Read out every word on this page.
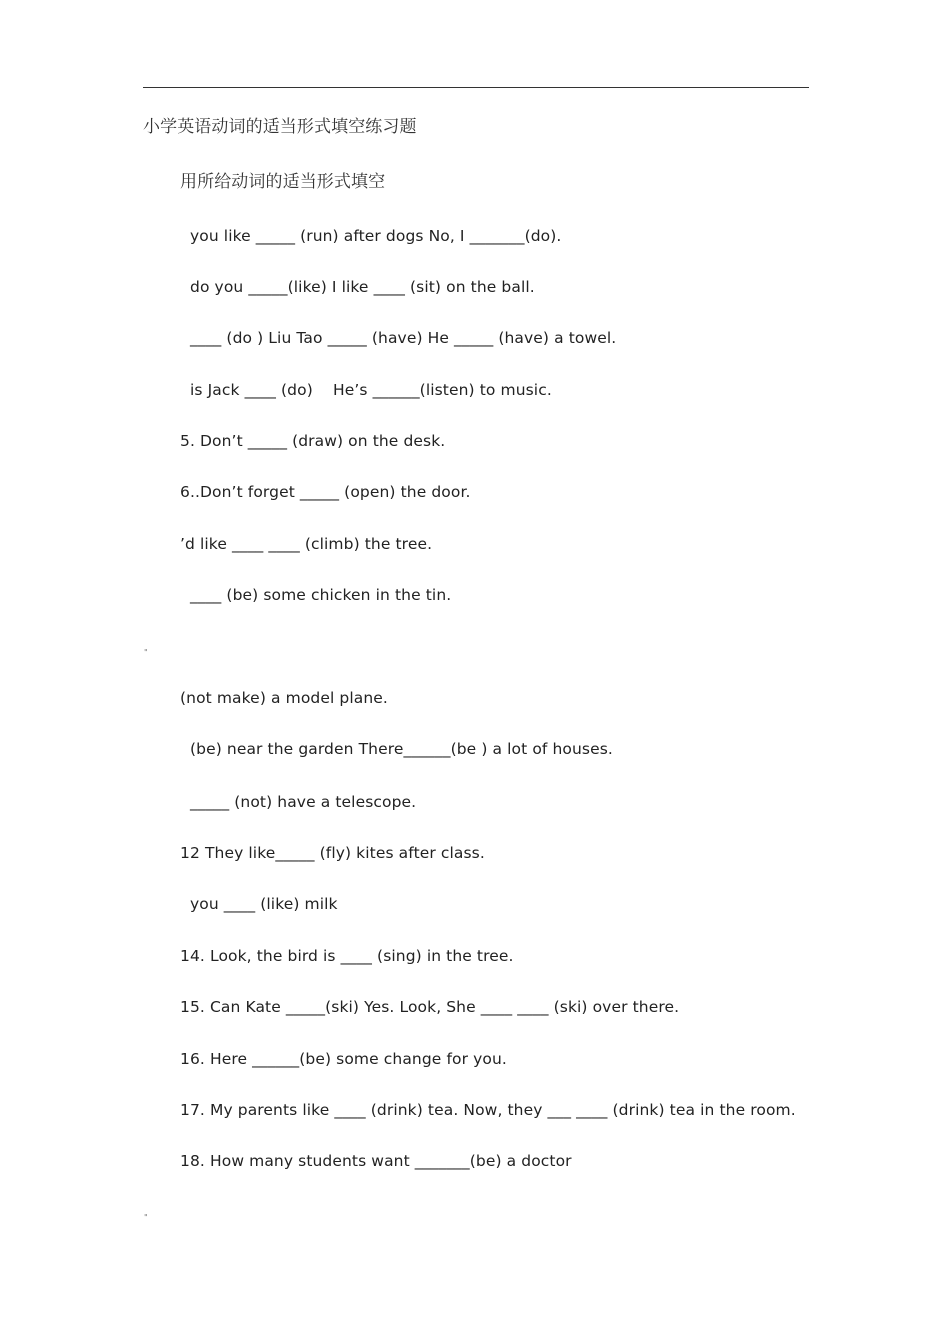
小学英语动词的适当形式填空练习题
用所给动词的适当形式填空
you like _____ (run) after dogs No, I _______(do).
do you _____(like) I like ____ (sit) on the ball.
____ (do ) Liu Tao _____ (have) He _____ (have) a towel.
is Jack ____ (do)    He’s ______(listen) to music.
5. Don’t _____ (draw) on the desk.
6..Don’t forget _____ (open) the door.
’d like ____ ____ (climb) the tree.
____ (be) some chicken in the tin.
"
(not make) a model plane.
(be) near the garden There______(be ) a lot of houses.
_____ (not) have a telescope.
12 They like_____ (fly) kites after class.
you ____ (like) milk
14. Look, the bird is ____ (sing) in the tree.
15. Can Kate _____(ski) Yes. Look, She ____ ____ (ski) over there.
16. Here ______(be) some change for you.
17. My parents like ____ (drink) tea. Now, they ___ ____ (drink) tea in the room.
18. How many students want _______(be) a doctor
"
